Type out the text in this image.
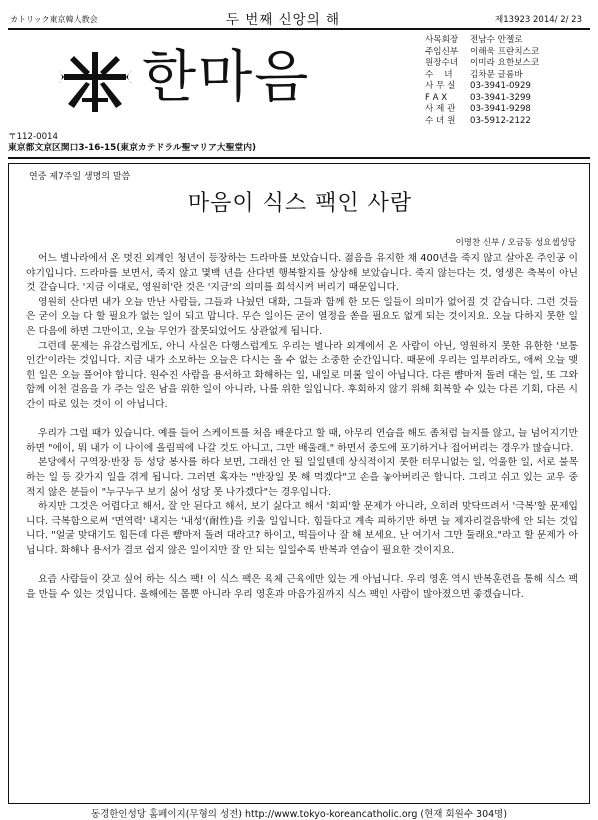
カトリック東京韓人教会	두 번째 신앙의 해	제13923 2014/ 2/ 23
한마음
사목회장	전남수 안젤로
주임신부	이해욱 프란치스코
원장수녀	이미라 요한보스코
수    녀	김차문 글롬바
사 무 실	03-3941-0929
F A X	03-3941-3299
사 제 관	03-3941-9298
수 녀 원	03-5912-2122
〒112-0014
東京都文京区関口3-16-15(東京カテドラル聖マリア大聖堂内)
연중 제7주일 생명의 말씀
마음이 식스 팩인 사람
이명찬 신부 / 오금동 성요셉성당

어느 별나라에서 온 멋진 외계인 청년이 등장하는 드라마를 보았습니다. 젊음을 유지한 채 400년을 죽지 않고 살아온 주인공 이야기입니다. 드라마를 보면서, 죽지 않고 몇백 년을 산다면 행복할지를 상상해 보았습니다. 죽지 않는다는 것, 영생은 축복이 아닌 것 같습니다. '지금 이대로, 영원히'란 것은 '지금'의 의미를 희석시켜 버리기 때문입니다.

영원히 산다면 내가 오늘 만난 사람들, 그들과 나눴던 대화, 그들과 함께 한 모든 일들이 의미가 없어질 것 같습니다. 그런 것들은 굳이 오늘 다 할 필요가 없는 일이 되고 맙니다. 무슨 일이든 굳이 열정을 쏟을 필요도 없게 되는 것이지요. 오늘 다하지 못한 일은 다음에 하면 그만이고, 오늘 무언가 잘못되었어도 상관없게 됩니다.

그런데 문제는 유감스럽게도, 아니 사실은 다행스럽게도 우리는 별나라 외계에서 온 사람이 아닌, 영원하지 못한 유한한 '보통 인간'이라는 것입니다. 지금 내가 소모하는 오늘은 다시는 올 수 없는 소중한 순간입니다. 때문에 우리는 일부러라도, 애써 오늘 맺힌 일은 오늘 풀어야 합니다. 원수진 사람을 용서하고 화해하는 일, 내일로 미룰 일이 아닙니다. 다른 뺨마저 돌려 대는 일, 또 그와 함께 이천 걸음을 가 주는 일은 남을 위한 일이 아니라, 나를 위한 일입니다. 후회하지 않기 위해 회복할 수 있는 다른 기회, 다른 시간이 따로 있는 것이 이 아닙니다.

우리가 그럴 때가 있습니다. 예를 들어 스케이트를 처음 배운다고 할 때, 아무리 연습을 해도 좀처럼 늘지를 않고, 늘 넘어지기만 하면 "에이, 뭐 내가 이 나이에 올림픽에 나갈 것도 아니고, 그만 배울래." 하면서 중도에 포기하거나 접어버리는 경우가 많습니다.

본당에서 구역장·반장 등 성당 봉사를 하다 보면, 그래선 안 될 일일텐데 상식적이지 못한 터무니없는 일, 억울한 일, 서로 불목하는 일 등 갖가지 일을 겪게 됩니다. 그러면 혹자는 "반장일 못 해 먹겠다"고 손을 놓아버리곤 합니다. 그리고 쉬고 있는 교우 중 적지 않은 분들이 "누구누구 보기 싫어 성당 못 나가겠다"는 경우입니다.

하지만 그것은 어렵다고 해서, 잘 안 된다고 해서, 보기 싫다고 해서 '회피'할 문제가 아니라, 오히려 맞닥뜨려서 '극복'할 문제입니다. 극복함으로써 '면역력' 내지는 '내성'(耐性)을 키울 일입니다. 힘들다고 계속 피하기만 하면 늘 제자리걸음밖에 안 되는 것입니다. "얼굴 맞대기도 힘든데 다른 뺨마저 돌려 대라고? 하이고, 떡들이나 잘 해 보세요. 난 여기서 그만 둘래요."라고 할 문제가 아닙니다. 화해나 용서가 결코 쉽지 않은 일이지만 잘 안 되는 일일수록 반복과 연습이 필요한 것이지요.

요즘 사람들이 갖고 싶어 하는 식스 팩! 이 식스 팩은 육체 근육에만 있는 게 아닙니다. 우리 영혼 역시 반복훈련을 통해 식스 팩을 만들 수 있는 것입니다. 올해에는 몸뿐 아니라 우리 영혼과 마음가짐까지 식스 팩인 사람이 많아졌으면 좋겠습니다.

동경한인성당 홈페이지(무형의 성전) http://www.tokyo-koreancatholic.org (현재 회원수 304명)
